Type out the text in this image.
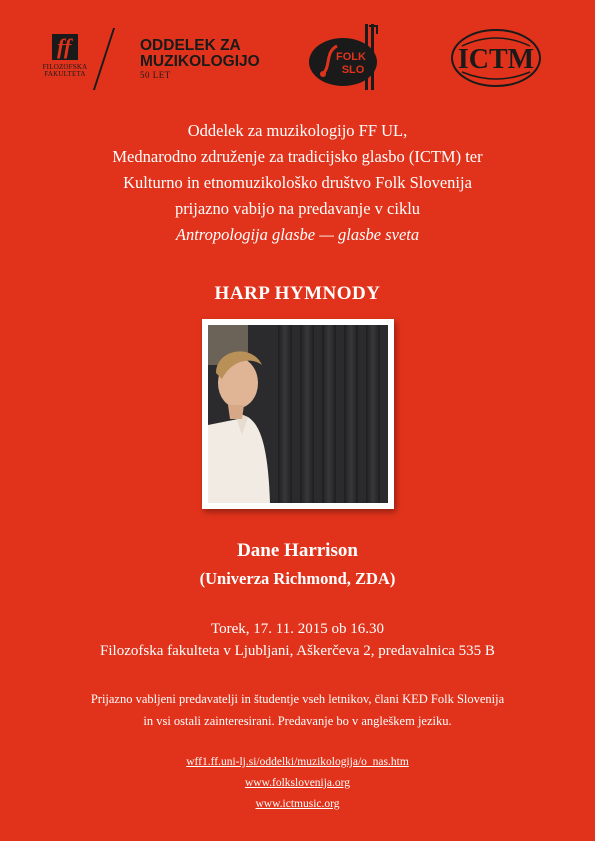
ff
FILOZOFSKA
FAKULTETA
ODDELEK ZA
MUZIKOLOGIJO
50 LET
FOLK
SLO	ICTM
Oddelek za muzikologijo FF UL,
Mednarodno združenje za tradicijsko glasbo (ICTM) ter
Kulturno in etnomuzikološko društvo Folk Slovenija
prijazno vabijo na predavanje v ciklu
Antropologija glasbe — glasbe sveta
HARP HYMNODY
Dane Harrison
(Univerza Richmond, ZDA)
Torek, 17. 11. 2015 ob 16.30
Filozofska fakulteta v Ljubljani, Aškerčeva 2, predavalnica 535 B
Prijazno vabljeni predavatelji in študentje vseh letnikov, člani KED Folk Slovenija
in vsi ostali zainteresirani. Predavanje bo v angleškem jeziku.
wff1.ff.uni-lj.si/oddelki/muzikologija/o_nas.htm
www.folkslovenija.org
www.ictmusic.org
